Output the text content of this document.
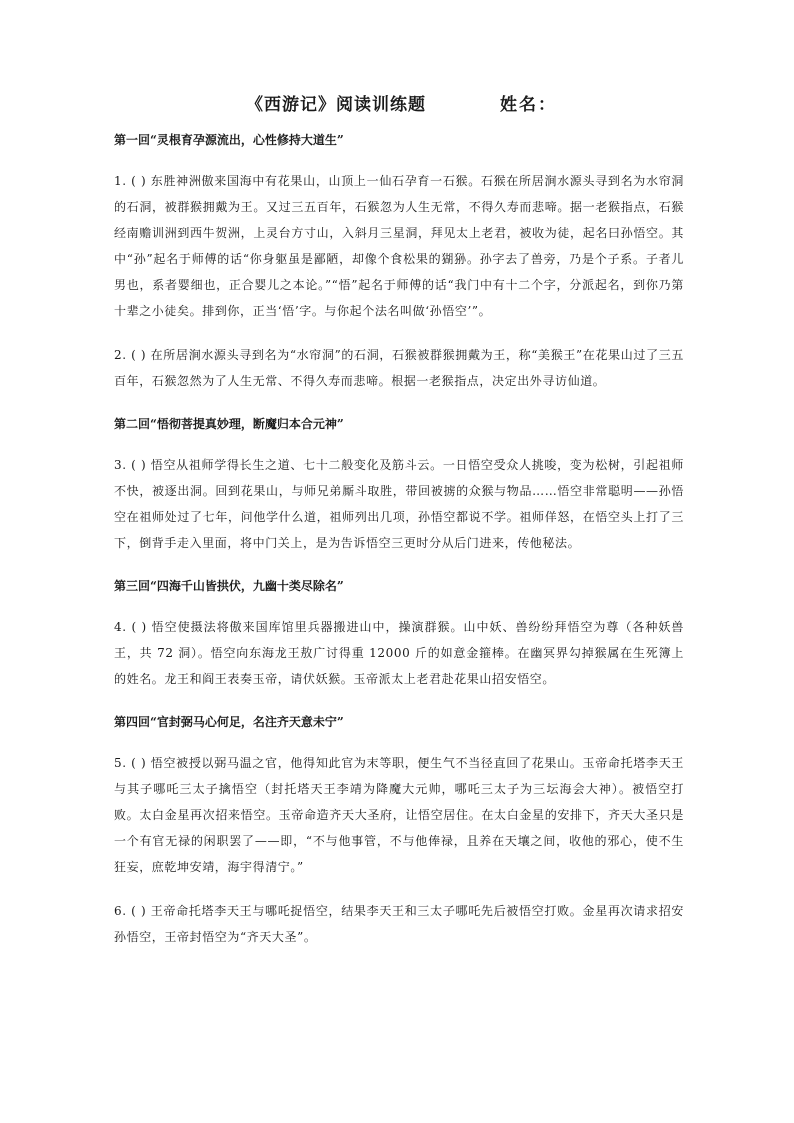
《西游记》阅读训练题	姓名：
第一回“灵根育孕源流出，心性修持大道生”
1. ( ) 东胜神洲傲来国海中有花果山，山顶上一仙石孕育一石猴。石猴在所居涧水源头寻到名为水帘洞的石洞，被群猴拥戴为王。又过三五百年，石猴忽为人生无常，不得久寿而悲啼。据一老猴指点，石猴经南赡训洲到西牛贺洲，上灵台方寸山，入斜月三星洞，拜见太上老君，被收为徒，起名曰孙悟空。其中“孙”起名于师傅的话“你身躯虽是鄙陋，却像个食松果的猢狲。孙字去了兽旁，乃是个子系。子者儿男也，系者婴细也，正合婴儿之本论。”“悟”起名于师傅的话“我门中有十二个字，分派起名，到你乃第十辈之小徒矣。排到你，正当‘悟’字。与你起个法名叫做‘孙悟空’”。
2. ( ) 在所居涧水源头寻到名为“水帘洞”的石洞，石猴被群猴拥戴为王，称“美猴王”在花果山过了三五百年，石猴忽然为了人生无常、不得久寿而悲啼。根据一老猴指点，决定出外寻访仙道。
第二回“悟彻菩提真妙理，断魔归本合元神”
3. ( ) 悟空从祖师学得长生之道、七十二般变化及筋斗云。一日悟空受众人挑唆，变为松树，引起祖师不快，被逐出洞。回到花果山，与师兄弟厮斗取胜，带回被掳的众猴与物品……悟空非常聪明——孙悟空在祖师处过了七年，问他学什么道，祖师列出几项，孙悟空都说不学。祖师佯怒，在悟空头上打了三下，倒背手走入里面，将中门关上，是为告诉悟空三更时分从后门进来，传他秘法。
第三回“四海千山皆拱伏，九幽十类尽除名”
4. ( ) 悟空使摄法将傲来国库馆里兵器搬进山中，操演群猴。山中妖、兽纷纷拜悟空为尊（各种妖兽王，共 72 洞）。悟空向东海龙王敖广讨得重 12000 斤的如意金箍棒。在幽冥界勾掉猴属在生死簿上的姓名。龙王和阎王表奏玉帝，请伏妖猴。玉帝派太上老君赴花果山招安悟空。
第四回“官封弼马心何足，名注齐天意未宁”
5. ( ) 悟空被授以弼马温之官，他得知此官为末等职，便生气不当径直回了花果山。玉帝命托塔李天王与其子哪吒三太子擒悟空（封托塔天王李靖为降魔大元帅，哪吒三太子为三坛海会大神）。被悟空打败。太白金星再次招来悟空。玉帝命造齐天大圣府，让悟空居住。在太白金星的安排下，齐天大圣只是一个有官无禄的闲职罢了——即，“不与他事管，不与他俸禄，且养在天壤之间，收他的邪心，使不生狂妄，庶乾坤安靖，海宇得清宁。”
6. ( ) 王帝命托塔李天王与哪吒捉悟空，结果李天王和三太子哪吒先后被悟空打败。金星再次请求招安孙悟空，王帝封悟空为“齐天大圣”。
